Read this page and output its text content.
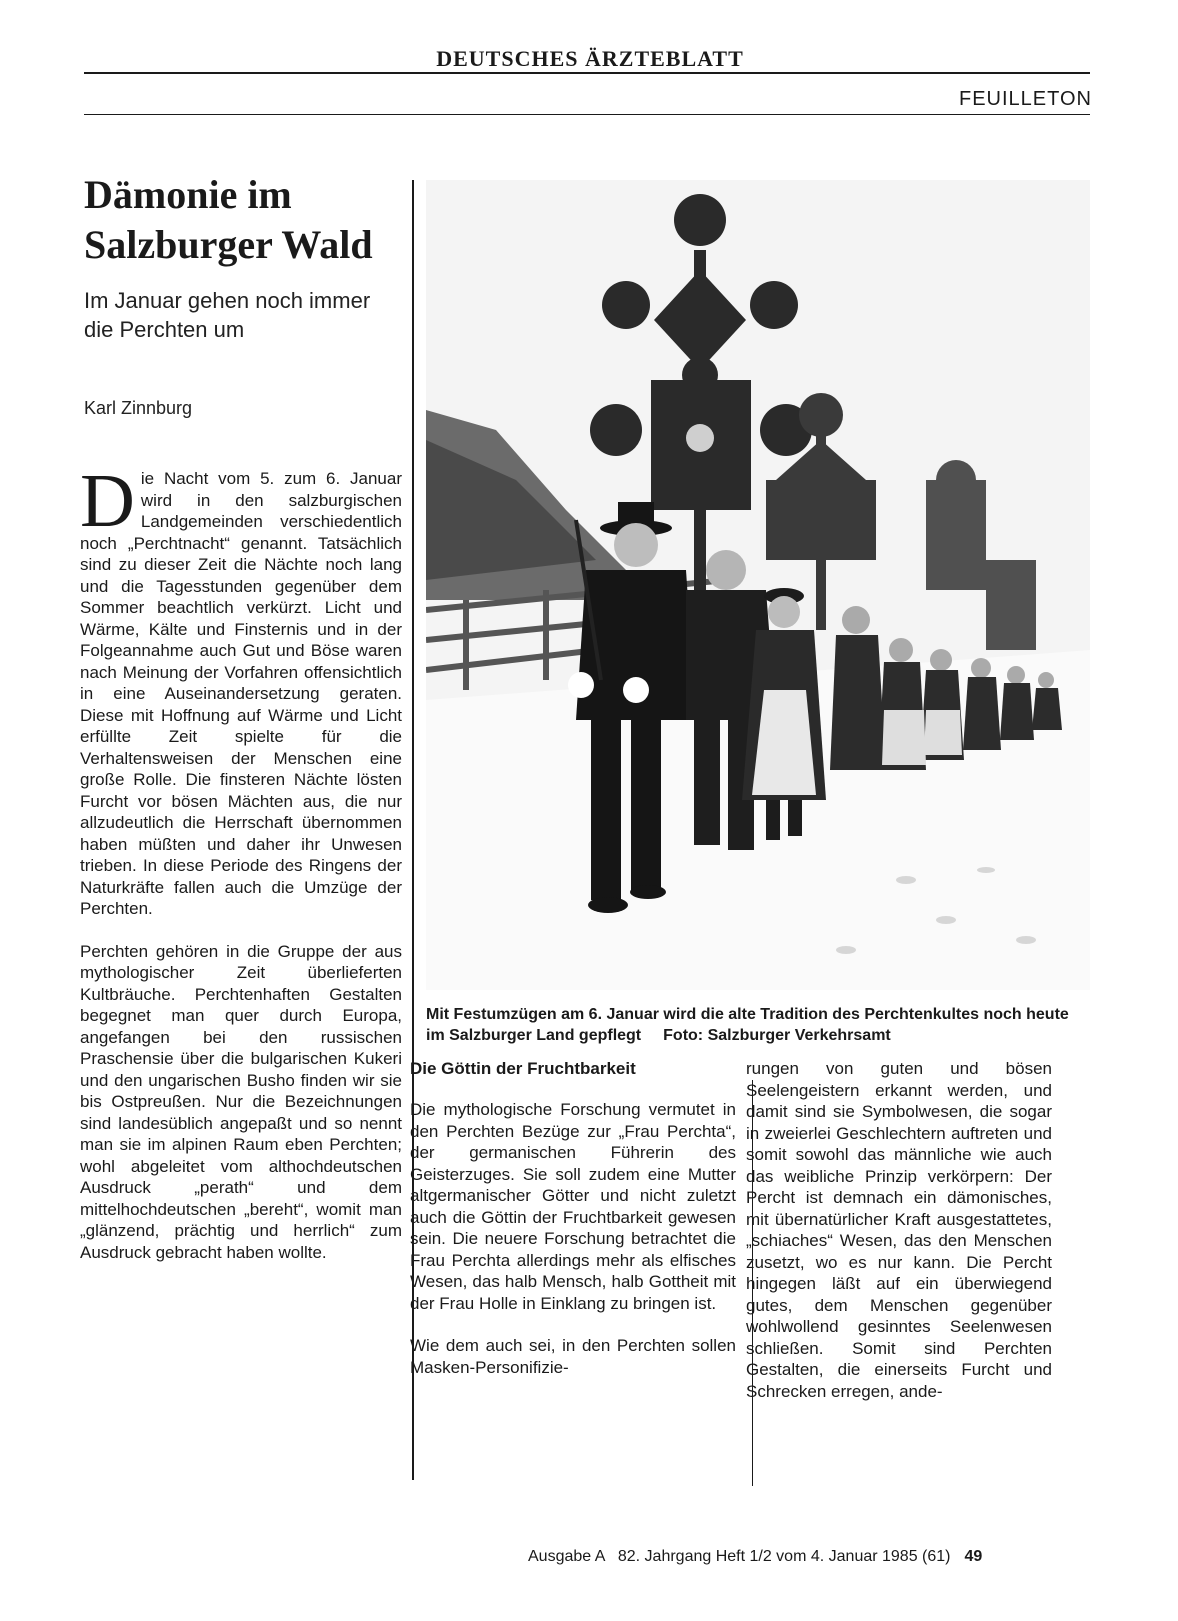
DEUTSCHES ÄRZTEBLATT
FEUILLETON
Dämonie im Salzburger Wald
Im Januar gehen noch immer die Perchten um
Karl Zinnburg

Die Nacht vom 5. zum 6. Januar wird in den salzburgischen Landgemeinden verschiedentlich noch „Perchtnacht“ genannt. Tatsächlich sind zu dieser Zeit die Nächte noch lang und die Tagesstunden gegenüber dem Sommer beachtlich verkürzt. Licht und Wärme, Kälte und Finsternis und in der Folgeannahme auch Gut und Böse waren nach Meinung der Vorfahren offensichtlich in eine Auseinandersetzung geraten. Diese mit Hoffnung auf Wärme und Licht erfüllte Zeit spielte für die Verhaltensweisen der Menschen eine große Rolle. Die finsteren Nächte lösten Furcht vor bösen Mächten aus, die nur allzudeutlich die Herrschaft übernommen haben müßten und daher ihr Unwesen trieben. In diese Periode des Ringens der Naturkräfte fallen auch die Umzüge der Perchten.

Perchten gehören in die Gruppe der aus mythologischer Zeit überlieferten Kultbräuche. Perchtenhaften Gestalten begegnet man quer durch Europa, angefangen bei den russischen Praschensie über die bulgarischen Kukeri und den ungarischen Busho finden wir sie bis Ostpreußen. Nur die Bezeichnungen sind landesüblich angepaßt und so nennt man sie im alpinen Raum eben Perchten; wohl abgeleitet vom althochdeutschen Ausdruck „perath“ und dem mittelhochdeutschen „bereht“, womit man „glänzend, prächtig und herrlich“ zum Ausdruck gebracht haben wollte.

Mit Festumzügen am 6. Januar wird die alte Tradition des Perchtenkultes noch heute im Salzburger Land gepflegt Foto: Salzburger Verkehrsamt
Die Göttin der Fruchtbarkeit

Die mythologische Forschung vermutet in den Perchten Bezüge zur „Frau Perchta“, der germanischen Führerin des Geisterzuges. Sie soll zudem eine Mutter altgermanischer Götter und nicht zuletzt auch die Göttin der Fruchtbarkeit gewesen sein. Die neuere Forschung betrachtet die Frau Perchta allerdings mehr als elfisches Wesen, das halb Mensch, halb Gottheit mit der Frau Holle in Einklang zu bringen ist.

Wie dem auch sei, in den Perchten sollen Masken-Personifizie-

rungen von guten und bösen Seelengeistern erkannt werden, und damit sind sie Symbolwesen, die sogar in zweierlei Geschlechtern auftreten und somit sowohl das männliche wie auch das weibliche Prinzip verkörpern: Der Percht ist demnach ein dämonisches, mit übernatürlicher Kraft ausgestattetes, „schiaches“ Wesen, das den Menschen zusetzt, wo es nur kann. Die Percht hingegen läßt auf ein überwiegend gutes, dem Menschen gegenüber wohlwollend gesinntes Seelenwesen schließen. Somit sind Perchten Gestalten, die einerseits Furcht und Schrecken erregen, ande-

Ausgabe A   82. Jahrgang Heft 1/2 vom 4. Januar 1985 (61) 49
